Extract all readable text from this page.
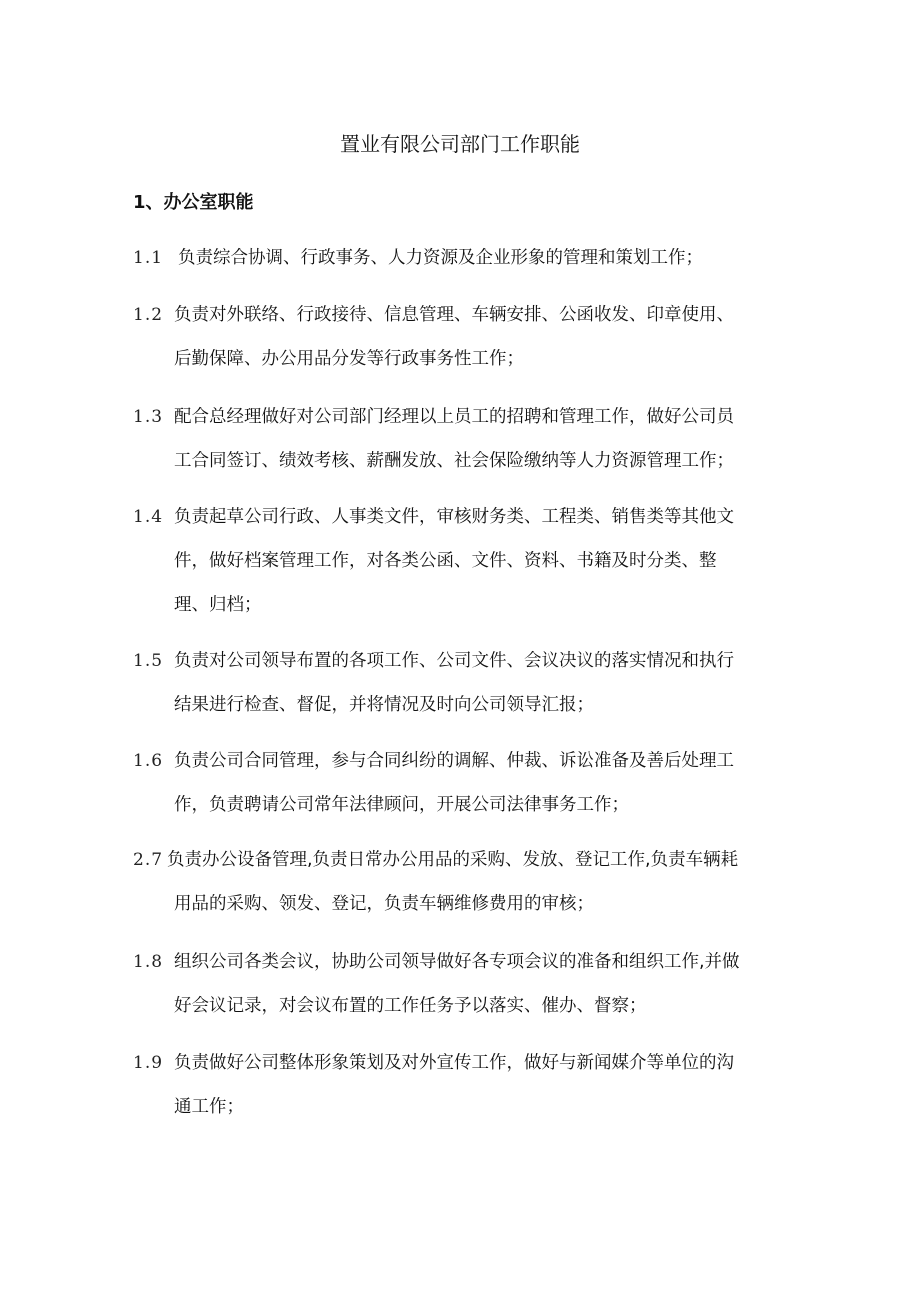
置业有限公司部门工作职能
1、办公室职能
1.1 负责综合协调、行政事务、人力资源及企业形象的管理和策划工作；
1.2 负责对外联络、行政接待、信息管理、车辆安排、公函收发、印章使用、
后勤保障、办公用品分发等行政事务性工作；
1.3 配合总经理做好对公司部门经理以上员工的招聘和管理工作，做好公司员
工合同签订、绩效考核、薪酬发放、社会保险缴纳等人力资源管理工作；
1.4 负责起草公司行政、人事类文件，审核财务类、工程类、销售类等其他文
件，做好档案管理工作，对各类公函、文件、资料、书籍及时分类、整
理、归档；
1.5 负责对公司领导布置的各项工作、公司文件、会议决议的落实情况和执行
结果进行检查、督促，并将情况及时向公司领导汇报；
1.6 负责公司合同管理，参与合同纠纷的调解、仲裁、诉讼准备及善后处理工
作，负责聘请公司常年法律顾问，开展公司法律事务工作；
2.7 负责办公设备管理,负责日常办公用品的采购、发放、登记工作,负责车辆耗
用品的采购、领发、登记，负责车辆维修费用的审核；
1.8 组织公司各类会议，协助公司领导做好各专项会议的准备和组织工作,并做
好会议记录，对会议布置的工作任务予以落实、催办、督察；
1.9 负责做好公司整体形象策划及对外宣传工作，做好与新闻媒介等单位的沟
通工作；
